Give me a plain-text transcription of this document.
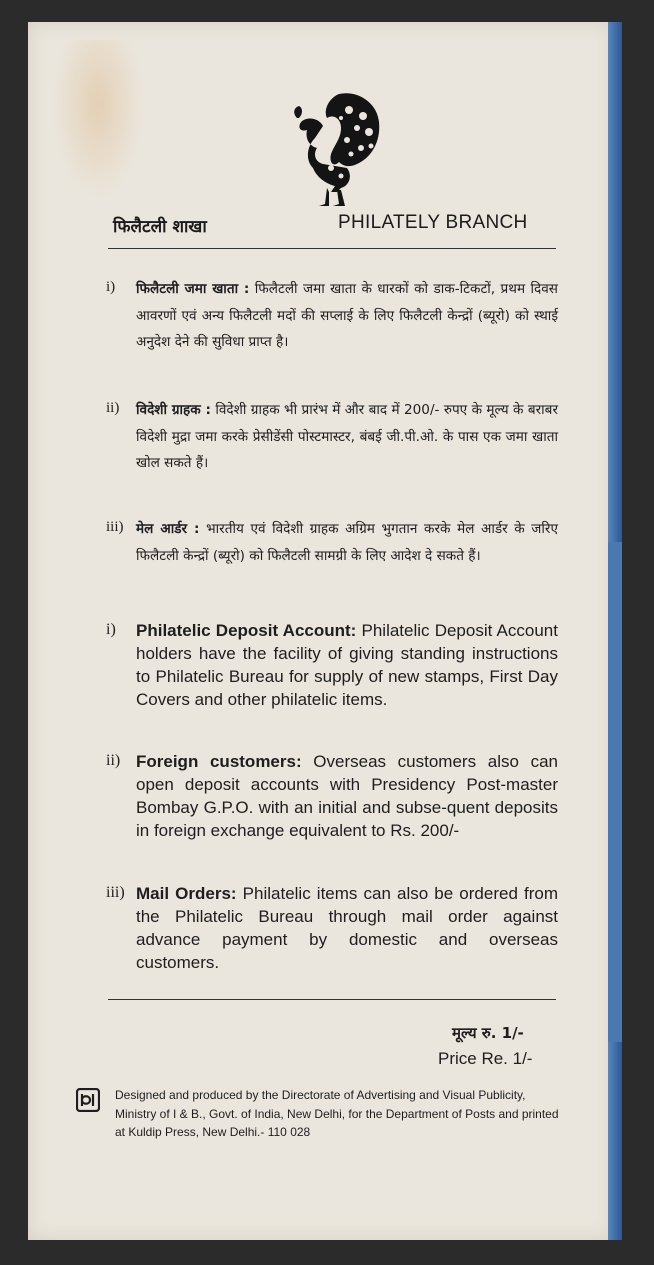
फिलैटली शाखा	PHILATELY BRANCH
i) फिलैटली जमा खाता : फिलैटली जमा खाता के धारकों को डाक-टिकटों, प्रथम दिवस आवरणों एवं अन्य फिलैटली मदों की सप्लाई के लिए फिलैटली केन्द्रों (ब्यूरो) को स्थाई अनुदेश देने की सुविधा प्राप्त है।
ii) विदेशी ग्राहक : विदेशी ग्राहक भी प्रारंभ में और बाद में 200/- रुपए के मूल्य के बराबर विदेशी मुद्रा जमा करके प्रेसीडेंसी पोस्टमास्टर, बंबई जी.पी.ओ. के पास एक जमा खाता खोल सकते हैं।
iii) मेल आर्डर : भारतीय एवं विदेशी ग्राहक अग्रिम भुगतान करके मेल आर्डर के जरिए फिलैटली केन्द्रों (ब्यूरो) को फिलैटली सामग्री के लिए आदेश दे सकते हैं।
i) Philatelic Deposit Account: Philatelic Deposit Account holders have the facility of giving standing instructions to Philatelic Bureau for supply of new stamps, First Day Covers and other philatelic items.
ii) Foreign customers: Overseas customers also can open deposit accounts with Presidency Post-master Bombay G.P.O. with an initial and subse-quent deposits in foreign exchange equivalent to Rs. 200/-
iii) Mail Orders: Philatelic items can also be ordered from the Philatelic Bureau through mail order against advance payment by domestic and overseas customers.
मूल्य रु. 1/-
Price Re. 1/-
Designed and produced by the Directorate of Advertising and Visual Publicity, Ministry of I & B., Govt. of India, New Delhi, for the Department of Posts and printed at Kuldip Press, New Delhi.- 110 028
